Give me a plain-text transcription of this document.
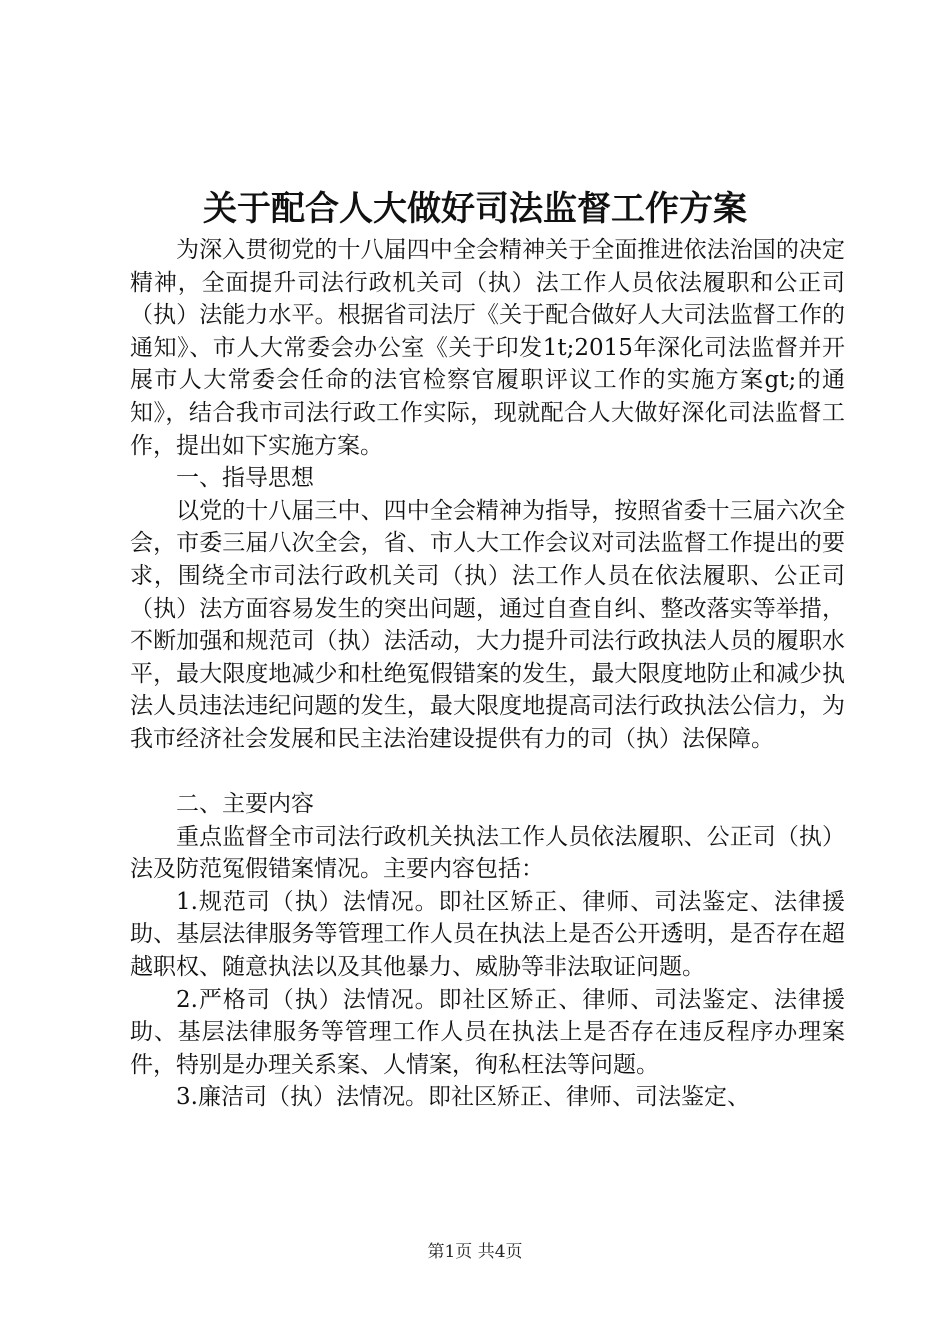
关于配合人大做好司法监督工作方案

为深入贯彻党的十八届四中全会精神关于全面推进依法治国的决定精神，全面提升司法行政机关司（执）法工作人员依法履职和公正司（执）法能力水平。根据省司法厅《关于配合做好人大司法监督工作的通知》、市人大常委会办公室《关于印发1t;2015年深化司法监督并开展市人大常委会任命的法官检察官履职评议工作的实施方案gt;的通知》，结合我市司法行政工作实际，现就配合人大做好深化司法监督工作，提出如下实施方案。

一、指导思想

以党的十八届三中、四中全会精神为指导，按照省委十三届六次全会，市委三届八次全会，省、市人大工作会议对司法监督工作提出的要求，围绕全市司法行政机关司（执）法工作人员在依法履职、公正司（执）法方面容易发生的突出问题，通过自查自纠、整改落实等举措，不断加强和规范司（执）法活动，大力提升司法行政执法人员的履职水平，最大限度地减少和杜绝冤假错案的发生，最大限度地防止和减少执法人员违法违纪问题的发生，最大限度地提高司法行政执法公信力，为我市经济社会发展和民主法治建设提供有力的司（执）法保障。

二、主要内容

重点监督全市司法行政机关执法工作人员依法履职、公正司（执）法及防范冤假错案情况。主要内容包括：

1.规范司（执）法情况。即社区矫正、律师、司法鉴定、法律援助、基层法律服务等管理工作人员在执法上是否公开透明，是否存在超越职权、随意执法以及其他暴力、威胁等非法取证问题。

2.严格司（执）法情况。即社区矫正、律师、司法鉴定、法律援助、基层法律服务等管理工作人员在执法上是否存在违反程序办理案件，特别是办理关系案、人情案，徇私枉法等问题。

3.廉洁司（执）法情况。即社区矫正、律师、司法鉴定、

第1页 共4页
